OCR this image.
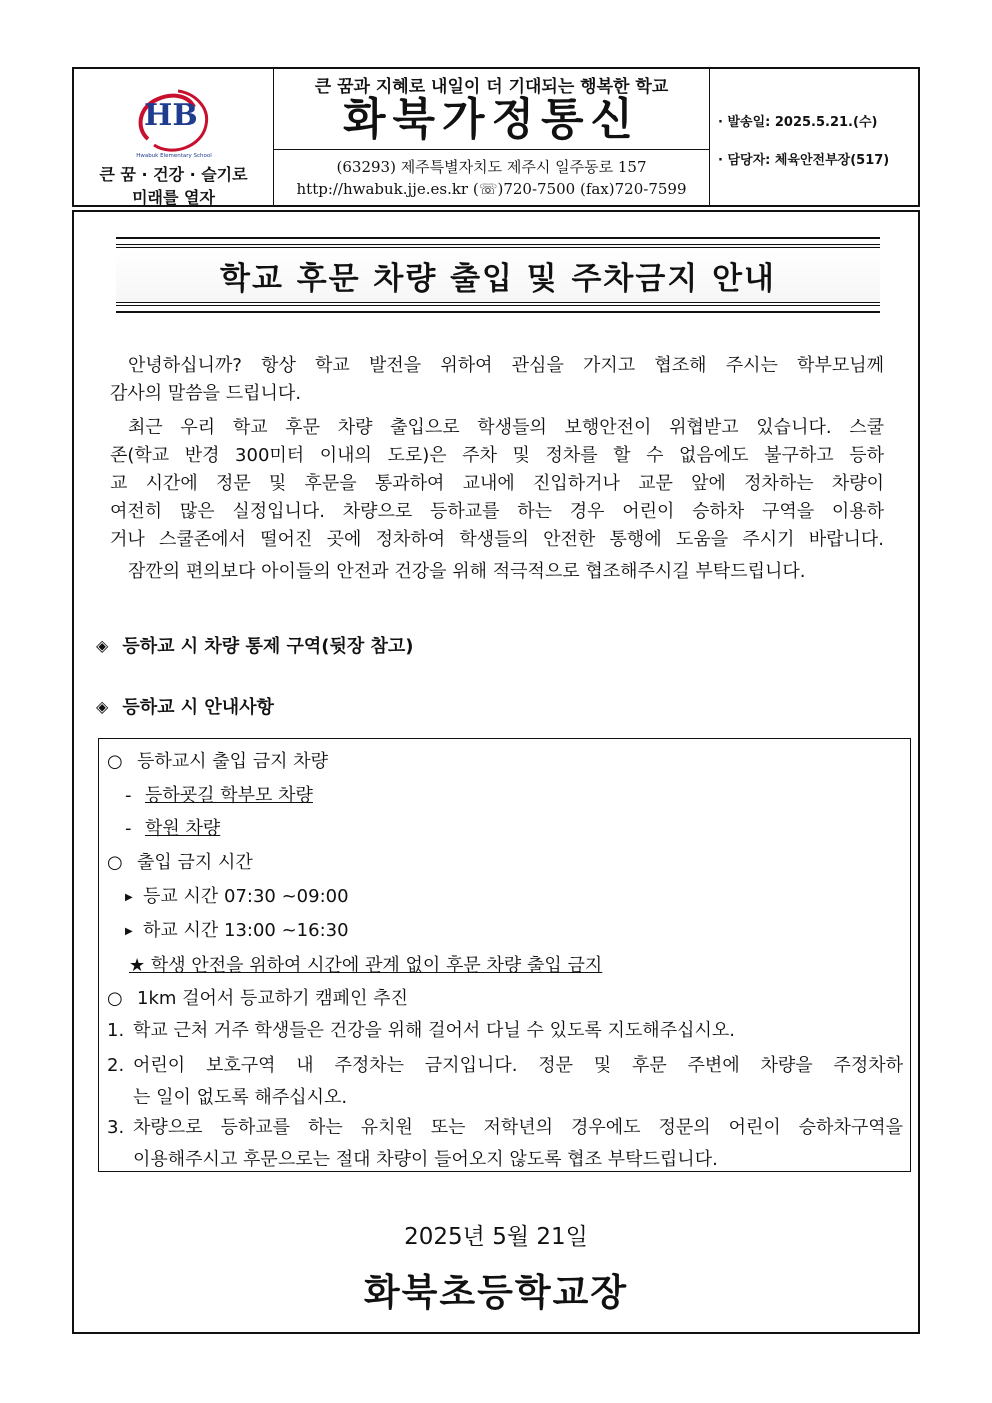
HB
Hwabuk Elementary School
큰 꿈 · 건강 · 슬기로
미래를 열자
큰 꿈과 지혜로 내일이 더 기대되는 행복한 학교
화북가정통신
(63293) 제주특별자치도 제주시 일주동로 157
http://hwabuk.jje.es.kr (☏)720-7500 (fax)720-7599
· 발송일: 2025.5.21.(수)
· 담당자: 체육안전부장(517)
학교 후문 차량 출입 및 주차금지 안내
안녕하십니까? 항상 학교 발전을 위하여 관심을 가지고 협조해 주시는 학부모님께
감사의 말씀을 드립니다.
최근 우리 학교 후문 차량 출입으로 학생들의 보행안전이 위협받고 있습니다. 스쿨
존(학교 반경 300미터 이내의 도로)은 주차 및 정차를 할 수 없음에도 불구하고 등하
교 시간에 정문 및 후문을 통과하여 교내에 진입하거나 교문 앞에 정차하는 차량이
여전히 많은 실정입니다. 차량으로 등하교를 하는 경우 어린이 승하차 구역을 이용하
거나 스쿨존에서 떨어진 곳에 정차하여 학생들의 안전한 통행에 도움을 주시기 바랍니다.
잠깐의 편의보다 아이들의 안전과 건강을 위해 적극적으로 협조해주시길 부탁드립니다.
◈ 등하교 시 차량 통제 구역(뒷장 참고)
◈ 등하교 시 안내사항
○ 등하교시 출입 금지 차량
- 등하굣길 학부모 차량
- 학원 차량
○ 출입 금지 시간
▶ 등교 시간 07:30 ~09:00
▶ 하교 시간 13:00 ~16:30
★ 학생 안전을 위하여 시간에 관계 없이 후문 차량 출입 금지
○ 1km 걸어서 등교하기 캠페인 추진
1. 학교 근처 거주 학생들은 건강을 위해 걸어서 다닐 수 있도록 지도해주십시오.
2. 어린이 보호구역 내 주정차는 금지입니다. 정문 및 후문 주변에 차량을 주정차하
는 일이 없도록 해주십시오.
3. 차량으로 등하교를 하는 유치원 또는 저학년의 경우에도 정문의 어린이 승하차구역을
이용해주시고 후문으로는 절대 차량이 들어오지 않도록 협조 부탁드립니다.
2025년 5월 21일
화북초등학교장
